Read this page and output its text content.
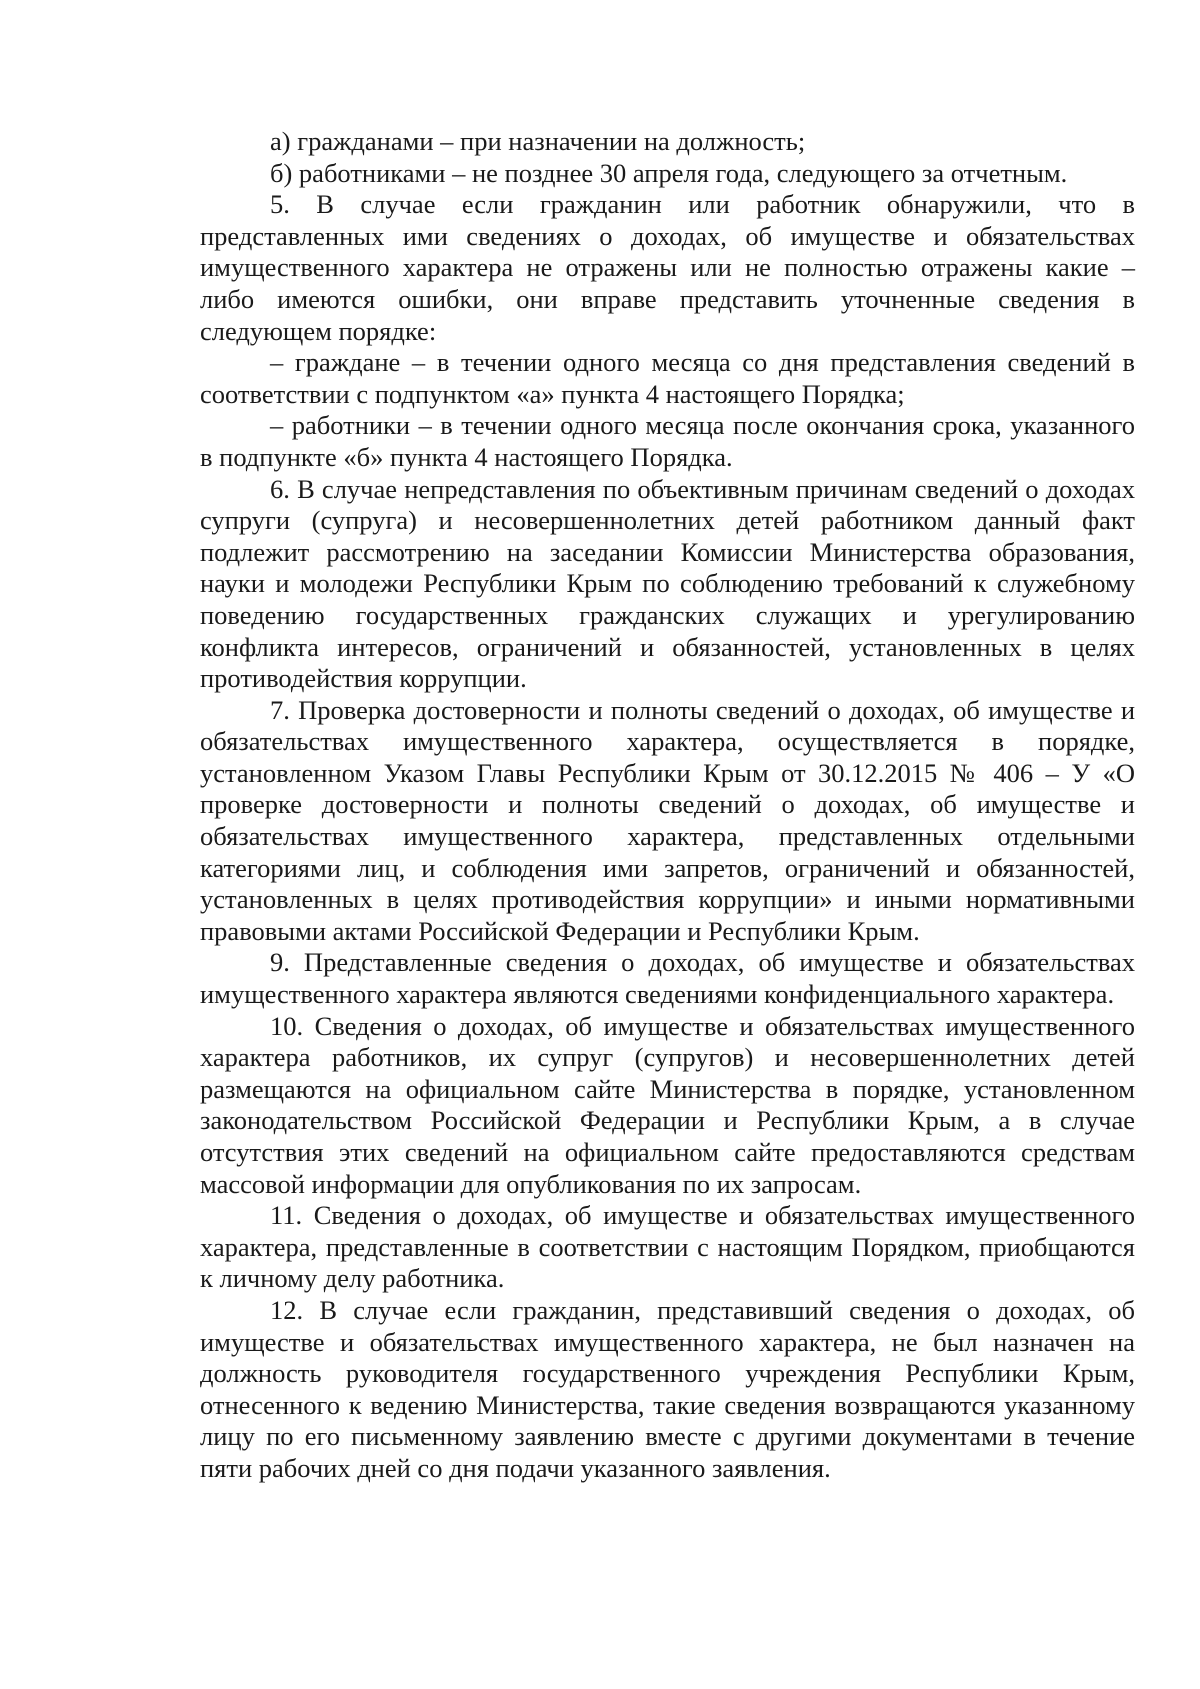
а) гражданами – при назначении на должность;

б) работниками – не позднее 30 апреля года, следующего за отчетным.

5. В случае если гражданин или работник обнаружили, что в представленных ими сведениях о доходах, об имуществе и обязательствах имущественного характера не отражены или не полностью отражены какие – либо имеются ошибки, они вправе представить уточненные сведения в следующем порядке:

– граждане – в течении одного месяца со дня представления сведений в соответствии с подпунктом «а» пункта 4 настоящего Порядка;

– работники – в течении одного месяца после окончания срока, указанного в подпункте «б» пункта 4 настоящего Порядка.

6. В случае непредставления по объективным причинам сведений о доходах супруги (супруга) и несовершеннолетних детей работником данный факт подлежит рассмотрению на заседании Комиссии Министерства образования, науки и молодежи Республики Крым по соблюдению требований к служебному поведению государственных гражданских служащих и урегулированию конфликта интересов, ограничений и обязанностей, установленных в целях противодействия коррупции.

7. Проверка достоверности и полноты сведений о доходах, об имуществе и обязательствах имущественного характера, осуществляется в порядке, установленном Указом Главы Республики Крым от 30.12.2015 № 406 – У «О проверке достоверности и полноты сведений о доходах, об имуществе и обязательствах имущественного характера, представленных отдельными категориями лиц, и соблюдения ими запретов, ограничений и обязанностей, установленных в целях противодействия коррупции» и иными нормативными правовыми актами Российской Федерации и Республики Крым.

9. Представленные сведения о доходах, об имуществе и обязательствах имущественного характера являются сведениями конфиденциального характера.

10. Сведения о доходах, об имуществе и обязательствах имущественного характера работников, их супруг (супругов) и несовершеннолетних детей размещаются на официальном сайте Министерства в порядке, установленном законодательством Российской Федерации и Республики Крым, а в случае отсутствия этих сведений на официальном сайте предоставляются средствам массовой информации для опубликования по их запросам.

11. Сведения о доходах, об имуществе и обязательствах имущественного характера, представленные в соответствии с настоящим Порядком, приобщаются к личному делу работника.

12. В случае если гражданин, представивший сведения о доходах, об имуществе и обязательствах имущественного характера, не был назначен на должность руководителя государственного учреждения Республики Крым, отнесенного к ведению Министерства, такие сведения возвращаются указанному лицу по его письменному заявлению вместе с другими документами в течение пяти рабочих дней со дня подачи указанного заявления.
